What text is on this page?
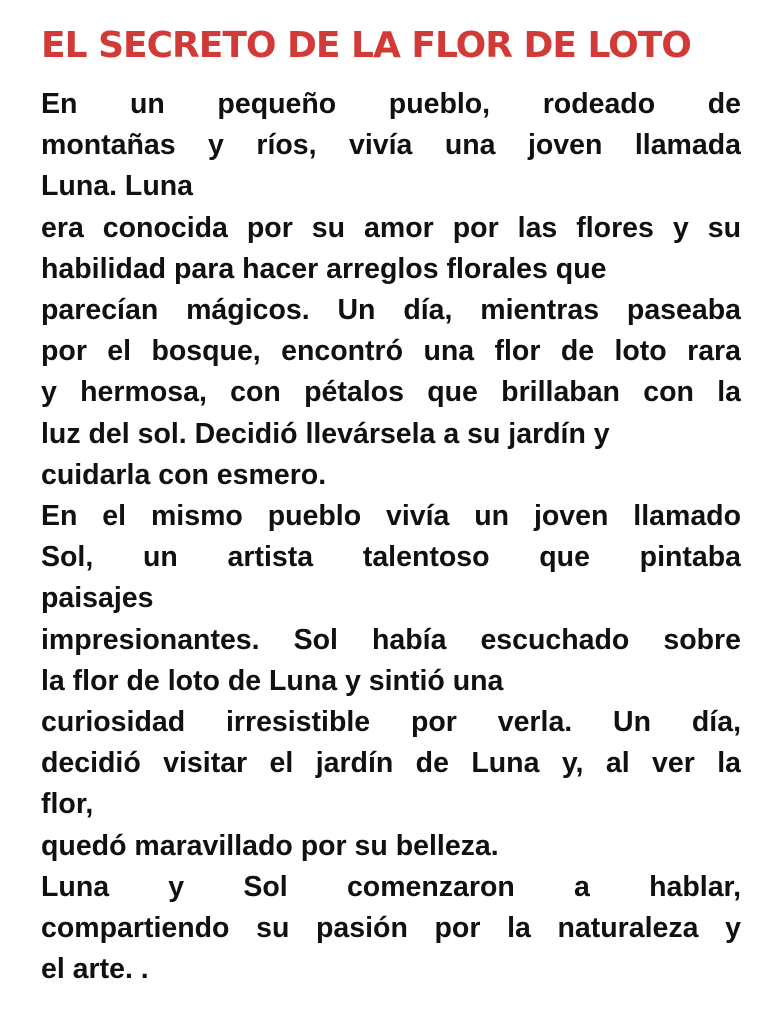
EL SECRETO DE LA FLOR DE LOTO

En un pequeño pueblo, rodeado de
montañas y ríos, vivía una joven llamada
Luna. Luna

era conocida por su amor por las flores y su
habilidad para hacer arreglos florales que
parecían mágicos. Un día, mientras paseaba
por el bosque, encontró una flor de loto rara
y hermosa, con pétalos que brillaban con la
luz del sol. Decidió llevársela a su jardín y
cuidarla con esmero.

En el mismo pueblo vivía un joven llamado
Sol, un artista talentoso que pintaba
paisajes

impresionantes. Sol había escuchado sobre
la flor de loto de Luna y sintió una

curiosidad irresistible por verla. Un día,
decidió visitar el jardín de Luna y, al ver la
flor,

quedó maravillado por su belleza.

Luna y Sol comenzaron a hablar,
compartiendo su pasión por la naturaleza y
el arte. .
